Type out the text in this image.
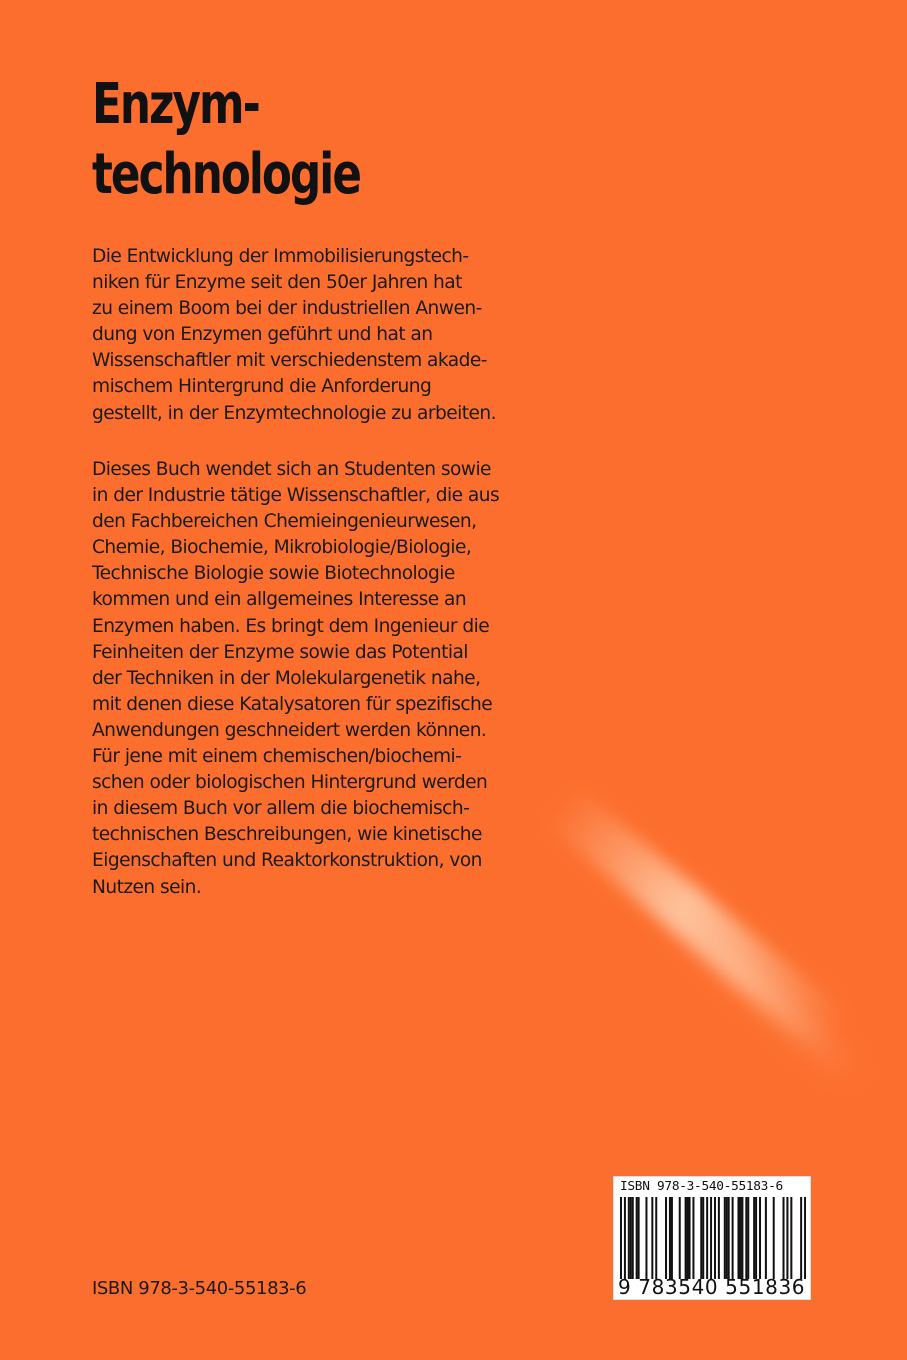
Enzym-
technologie

Die Entwicklung der Immobilisierungstech-
niken für Enzyme seit den 50er Jahren hat
zu einem Boom bei der industriellen Anwen-
dung von Enzymen geführt und hat an
Wissenschaftler mit verschiedenstem akade-
mischem Hintergrund die Anforderung
gestellt, in der Enzymtechnologie zu arbeiten.

Dieses Buch wendet sich an Studenten sowie
in der Industrie tätige Wissenschaftler, die aus
den Fachbereichen Chemieingenieurwesen,
Chemie, Biochemie, Mikrobiologie/Biologie,
Technische Biologie sowie Biotechnologie
kommen und ein allgemeines Interesse an
Enzymen haben. Es bringt dem Ingenieur die
Feinheiten der Enzyme sowie das Potential
der Techniken in der Molekulargenetik nahe,
mit denen diese Katalysatoren für spezifische
Anwendungen geschneidert werden können.
Für jene mit einem chemischen/biochemi-
schen oder biologischen Hintergrund werden
in diesem Buch vor allem die biochemisch-
technischen Beschreibungen, wie kinetische
Eigenschaften und Reaktorkonstruktion, von
Nutzen sein.

ISBN 978-3-540-55183-6

9 783540 551836

ISBN 978-3-540-55183-6
